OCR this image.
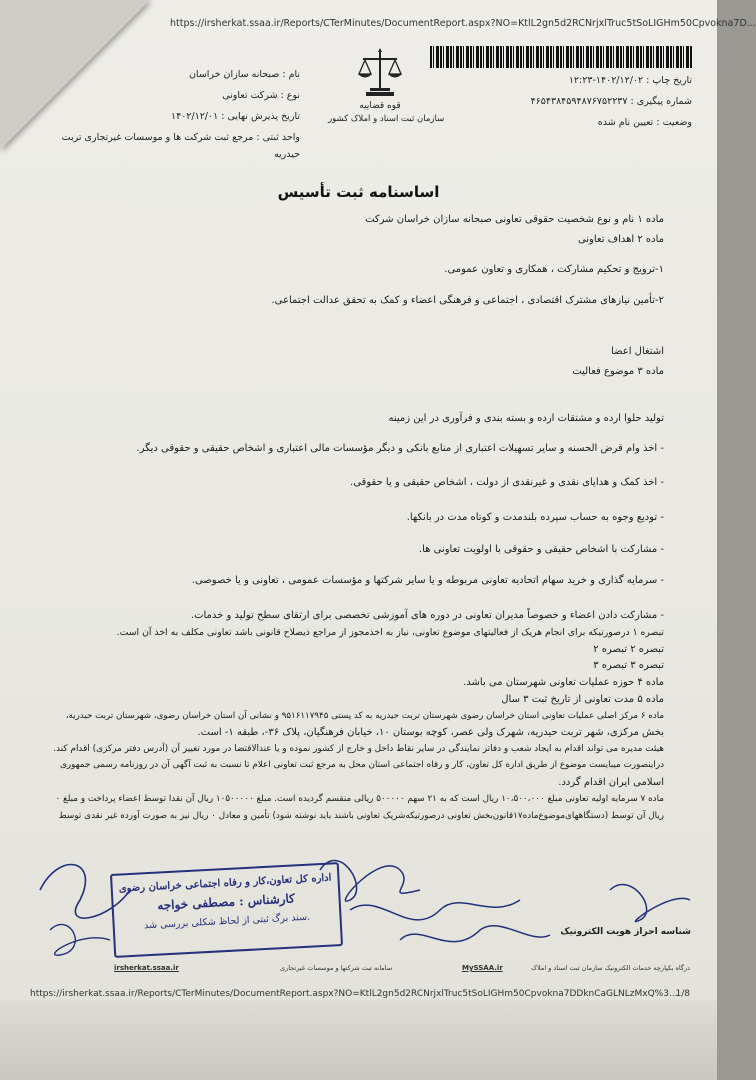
https://irsherkat.ssaa.ir/Reports/CTerMinutes/DocumentReport.aspx?NO=KtlL2gn5d2RCNrjxlTruc5tSoLIGHm50Cpvokna7D...
تاریخ چاپ : ۱۴۰۲/۱۲/۰۲-۱۲:۲۳
شماره پیگیری : ۴۶۵۴۳۸۴۵۹۴۸۷۶۷۵۲۲۳۷
وضعیت : تعیین نام شده
قوه قضاییه
سازمان ثبت اسناد و املاک کشور
نام : صبحانه سازان خراسان
نوع : شرکت تعاونی
تاریخ پذیرش نهایی : ۱۴۰۲/۱۲/۰۱
واحد ثبتی : مرجع ثبت شرکت ها و موسسات غیرتجاری تربت حیدریه
اساسنامه ثبت تأسیس
ماده ۱ نام و نوع شخصیت حقوقی تعاونی صبحانه سازان خراسان شرکت
ماده ۲ اهداف تعاونی
۱-ترویج و تحکیم مشارکت ، همکاری و تعاون عمومی.
۲-تأمین نیازهای مشترک اقتصادی ، اجتماعی و فرهنگی اعضاء و کمک به تحقق عدالت اجتماعی.
اشتغال اعضا
ماده ۳ موضوع فعالیت
تولید حلوا ارده و مشتقات ارده و بسته بندی و فرآوری در این زمینه
- اخذ وام قرض الحسنه و سایر تسهیلات اعتباری از منابع بانکی و دیگر مؤسسات مالی اعتباری و اشخاص حقیقی و حقوقی دیگر.
- اخذ کمک و هدایای نقدی و غیرنقدی از دولت ، اشخاص حقیقی و یا حقوقی.
- تودیع وجوه به حساب سپرده بلندمدت و کوتاه مدت در بانکها.
- مشارکت با اشخاص حقیقی و حقوقی با اولویت تعاونی ها.
- سرمایه گذاری و خرید سهام اتحادیه تعاونی مربوطه و یا سایر شرکتها و مؤسسات عمومی ، تعاونی و یا خصوصی.
- مشارکت دادن اعضاء و خصوصاً مدیران تعاونی در دوره های آموزشی تخصصی برای ارتقای سطح تولید و خدمات.
تبصره ۱ درصورتیکه برای انجام هریک از فعالیتهای موضوع تعاونی، نیاز به اخذمجوز از مراجع ذیصلاح قانونی باشد تعاونی مکلف به اخذ آن است.
تبصره ۲ تبصره ۲
تبصره ۳ تبصره ۳
ماده ۴ حوزه عملیات تعاونی شهرستان می باشد.
ماده ۵ مدت تعاونی از تاریخ ثبت ۳ سال
ماده ۶ مرکز اصلی عملیات تعاونی استان خراسان رضوی شهرستان تربت حیدریه به کد پستی ۹۵۱۶۱۱۷۹۴۵ و نشانی آن استان خراسان رضوی، شهرستان تربت حیدریه،
بخش مرکزی، شهر تربت حیدریه، شهرک ولی عصر، کوچه بوستان ۱۰، خیابان فرهنگیان، پلاک ۳۶-، طبقه ۱- است.
هیئت مدیره می تواند اقدام به ایجاد شعب و دفاتر نمایندگی در سایر نقاط داخل و خارج از کشور نموده و یا عندالاقتضا در مورد تغییر آن (آدرس دفتر مرکزی) اقدام کند.
دراینصورت میبایست موضوع از طریق اداره کل تعاون، کار و رفاه اجتماعی استان محل به مرجع ثبت تعاونی اعلام تا نسبت به ثبت آگهی آن در روزنامه رسمی جمهوری
اسلامی ایران اقدام گردد.
ماده ۷ سرمایه اولیه تعاونی مبلغ ۱۰،۵۰۰،۰۰۰ ریال است که به ۲۱ سهم ۵۰۰۰۰۰ ریالی منقسم گردیده است. مبلغ ۱۰۵۰۰۰۰۰ ریال آن نقدا توسط اعضاء پرداخت و مبلغ ۰
ریال آن توسط (دستگاههای‌موضوع‌ماده‌۱۷قانون‌بخش تعاونی درصورتیکه‌شریک تعاونی باشند باید نوشته شود) تأمین و معادل ۰ ریال نیز به صورت آورده غیر نقدی توسط
اداره کل تعاون،کار و رفاه اجتماعی خراسان رضوی
کارشناس : مصطفی خواجه
سند برگ ثبتی از لحاظ شکلی بررسی شد.
شناسه احراز هویت الکترونیک
irsherkat.ssaa.ir	سامانه ثبت شرکتها و موسسات غیرتجاری	MySSAA.ir	درگاه یکپارچه خدمات الکترونیک سازمان ثبت اسناد و املاک
https://irsherkat.ssaa.ir/Reports/CTerMinutes/DocumentReport.aspx?NO=KtlL2gn5d2RCNrjxlTruc5tSoLIGHm50Cpvokna7DDknCaGLNLzMxQ%3...
1/8
